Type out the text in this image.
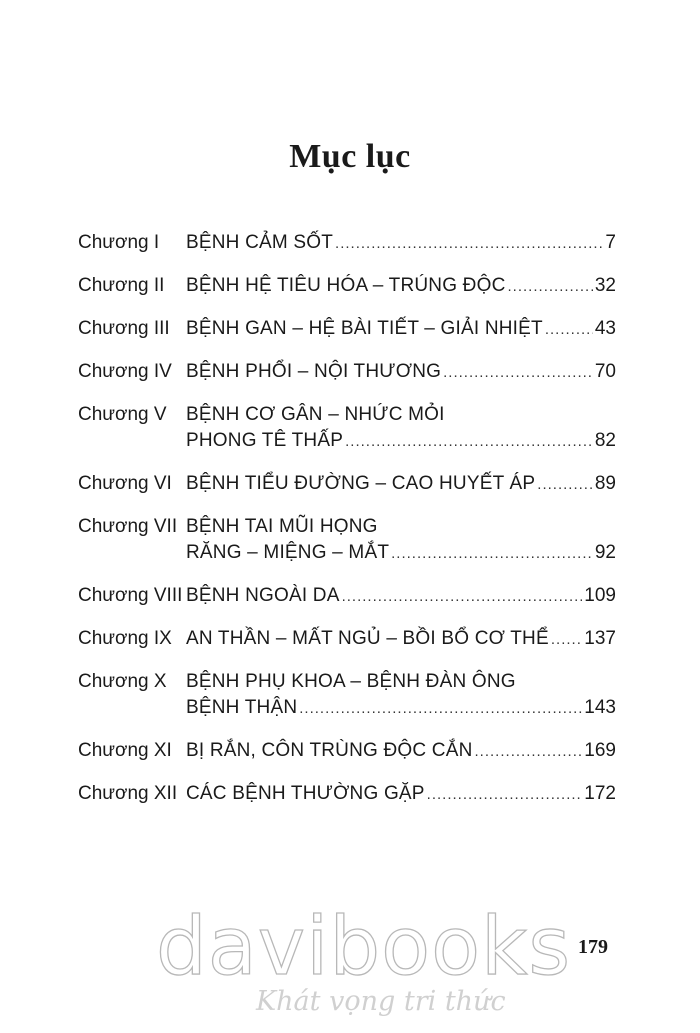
Mục lục
Chương I	BỆNH CẢM SỐT .....	7
Chương II	BỆNH HỆ TIÊU HÓA – TRÚNG ĐỘC .....	32
Chương III BỆNH GAN – HỆ BÀI TIẾT – GIẢI NHIỆT .....	43
Chương IV BỆNH PHỔI – NỘI THƯƠNG .....	70
Chương V	BỆNH CƠ GÂN – NHỨC MỎI
PHONG TÊ THẤP .....	82
Chương VI BỆNH TIỂU ĐƯỜNG – CAO HUYẾT ÁP .....	89
Chương VII BỆNH TAI MŨI HỌNG
RĂNG – MIỆNG – MẮT .....	92
Chương VIII BỆNH NGOÀI DA .....	109
Chương IX AN THẦN – MẤT NGỦ – BỒI BỔ CƠ THỂ ..... 137
Chương X	BỆNH PHỤ KHOA – BỆNH ĐÀN ÔNG
BỆNH THẬN .....	143
Chương XI BỊ RẮN, CÔN TRÙNG ĐỘC CẮN .....	169
Chương XII CÁC BỆNH THƯỜNG GẶP .....	172
179
davibooks
Khát vọng tri thức
